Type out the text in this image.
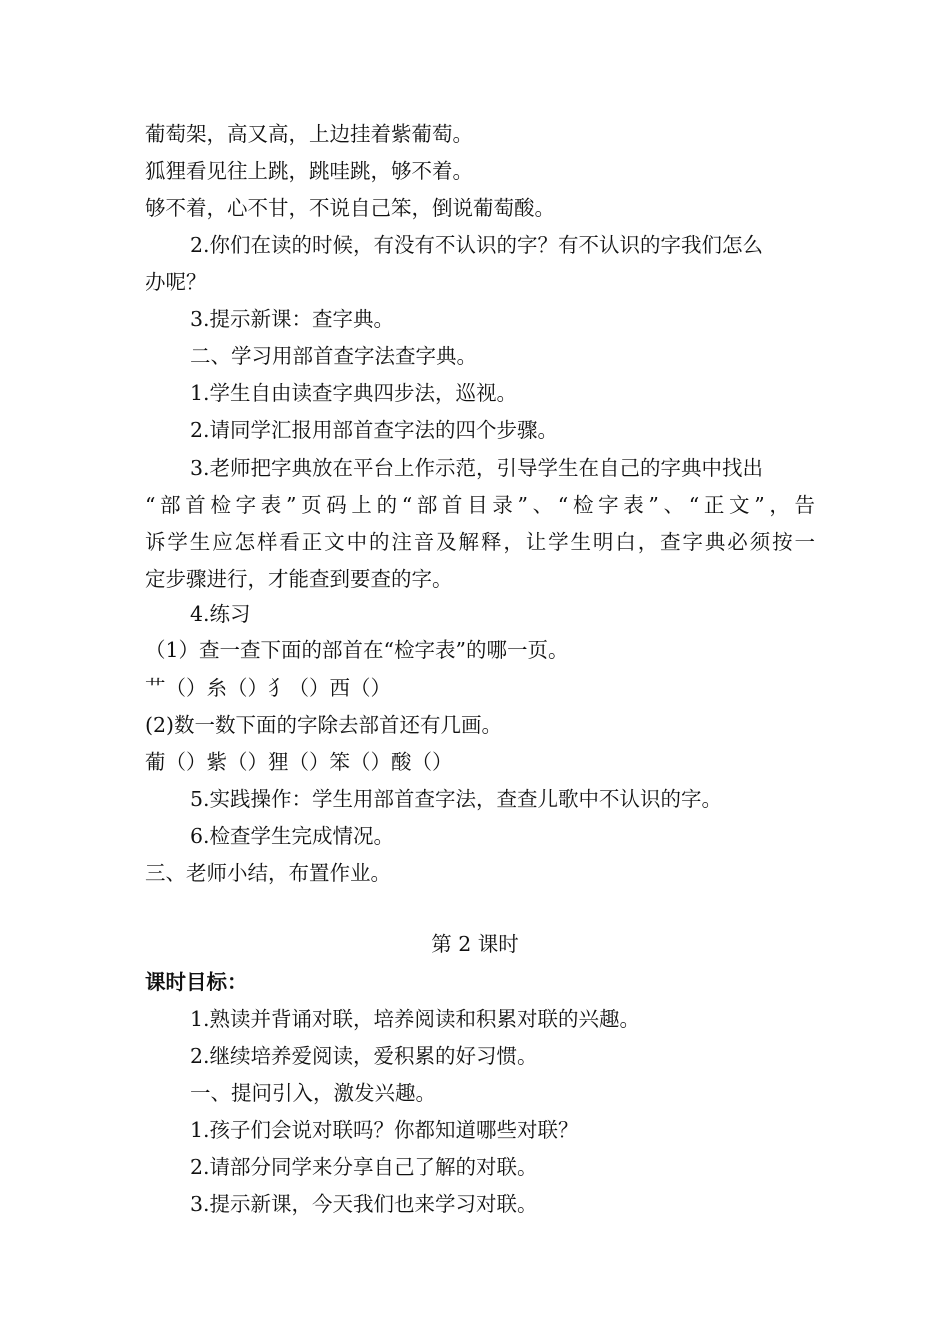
葡萄架，高又高，上边挂着紫葡萄。
狐狸看见往上跳，跳哇跳，够不着。
够不着，心不甘，不说自己笨，倒说葡萄酸。
2.你们在读的时候，有没有不认识的字？有不认识的字我们怎么
办呢？
3.提示新课：查字典。
二、学习用部首查字法查字典。
1.学生自由读查字典四步法，巡视。
2.请同学汇报用部首查字法的四个步骤。
3.老师把字典放在平台上作示范，引导学生在自己的字典中找出
“部首检字表”页码上的“部首目录”、“检字表”、“正文”，告
诉学生应怎样看正文中的注音及解释，让学生明白，查字典必须按一
定步骤进行，才能查到要查的字。
4.练习
（1）查一查下面的部首在“检字表”的哪一页。
艹（）糸（）犭（）西（）
(2)数一数下面的字除去部首还有几画。
葡（）紫（）狸（）笨（）酸（）
5.实践操作：学生用部首查字法，查查儿歌中不认识的字。
6.检查学生完成情况。
三、老师小结，布置作业。
第 2 课时
课时目标：
1.熟读并背诵对联，培养阅读和积累对联的兴趣。
2.继续培养爱阅读，爱积累的好习惯。
一、提问引入，激发兴趣。
1.孩子们会说对联吗？你都知道哪些对联？
2.请部分同学来分享自己了解的对联。
3.提示新课，今天我们也来学习对联。
